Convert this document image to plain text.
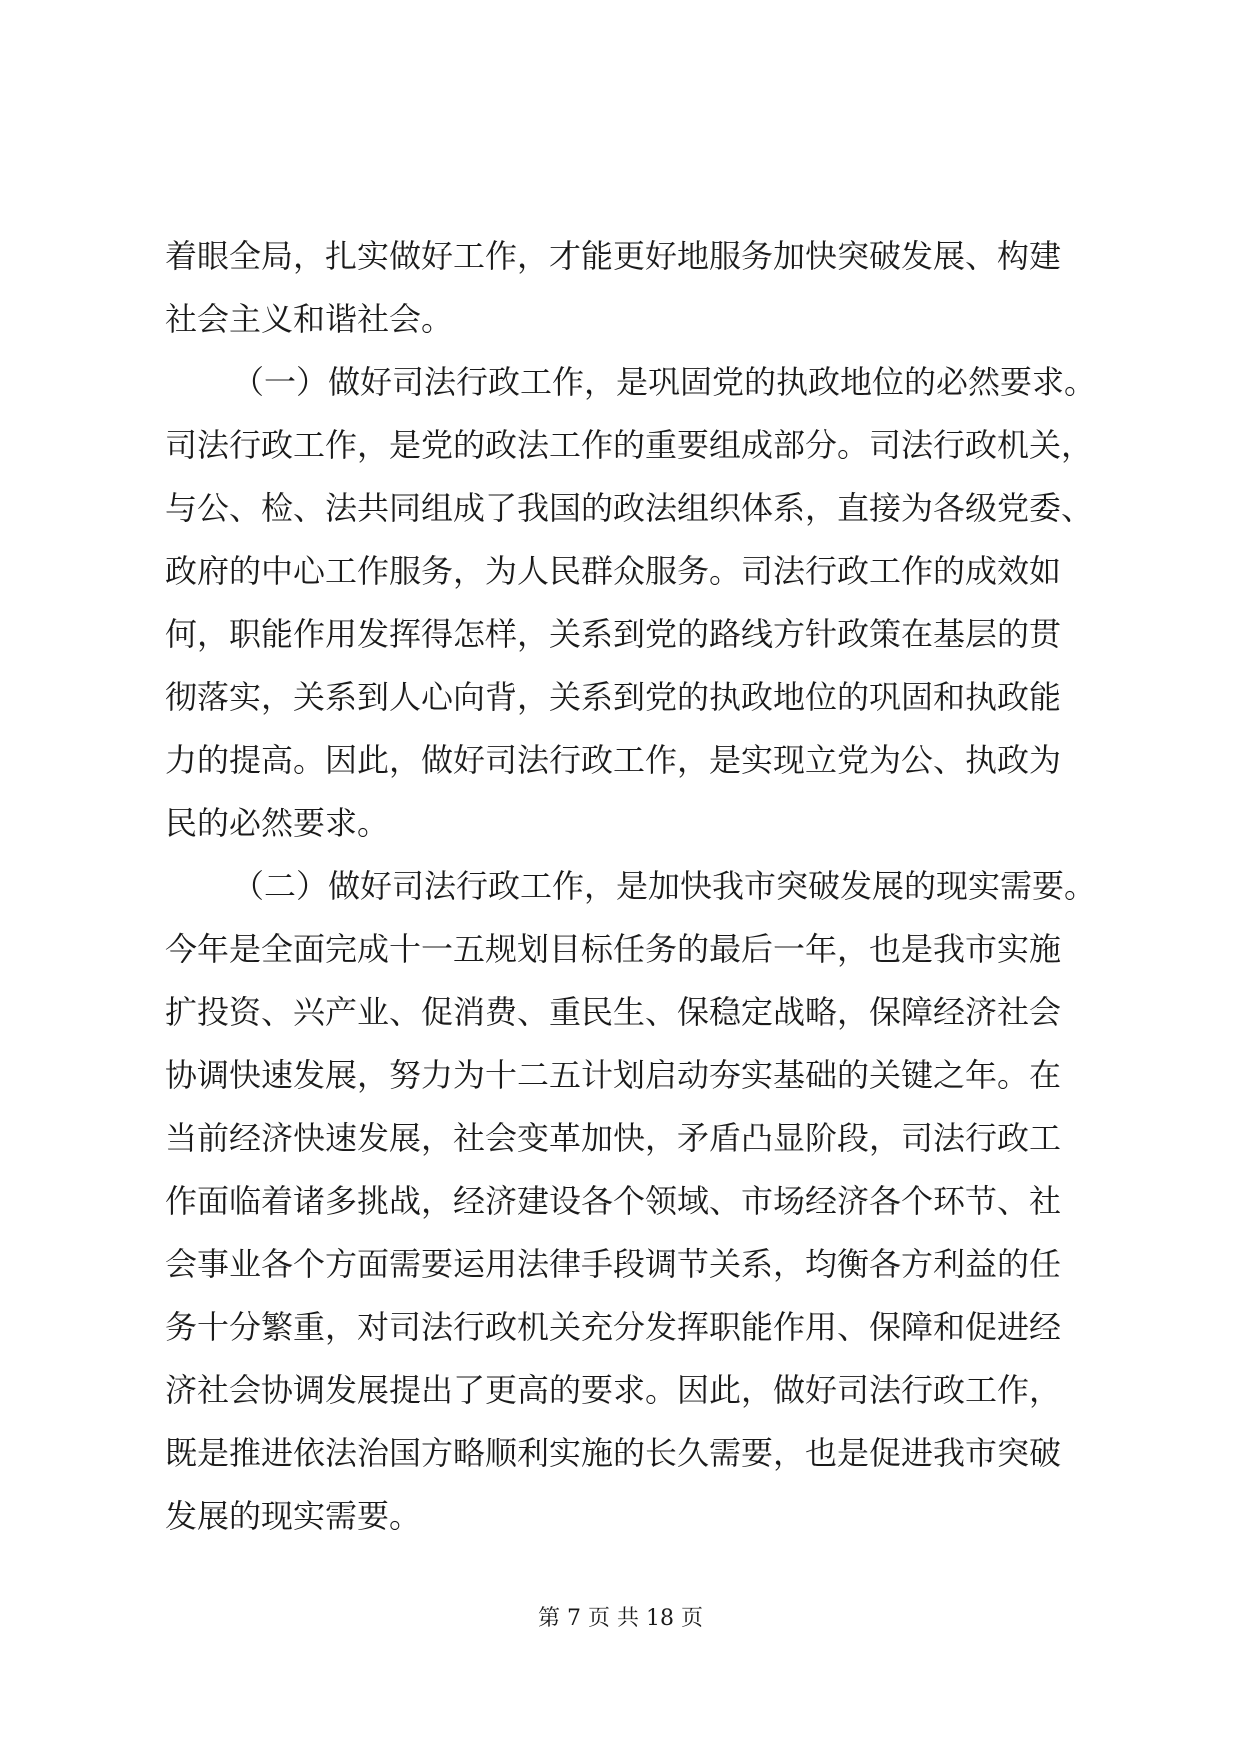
着眼全局，扎实做好工作，才能更好地服务加快突破发展、构建
社会主义和谐社会。
（一）做好司法行政工作，是巩固党的执政地位的必然要求。
司法行政工作，是党的政法工作的重要组成部分。司法行政机关，
与公、检、法共同组成了我国的政法组织体系，直接为各级党委、
政府的中心工作服务，为人民群众服务。司法行政工作的成效如
何，职能作用发挥得怎样，关系到党的路线方针政策在基层的贯
彻落实，关系到人心向背，关系到党的执政地位的巩固和执政能
力的提高。因此，做好司法行政工作，是实现立党为公、执政为
民的必然要求。
（二）做好司法行政工作，是加快我市突破发展的现实需要。
今年是全面完成十一五规划目标任务的最后一年，也是我市实施
扩投资、兴产业、促消费、重民生、保稳定战略，保障经济社会
协调快速发展，努力为十二五计划启动夯实基础的关键之年。在
当前经济快速发展，社会变革加快，矛盾凸显阶段，司法行政工
作面临着诸多挑战，经济建设各个领域、市场经济各个环节、社
会事业各个方面需要运用法律手段调节关系，均衡各方利益的任
务十分繁重，对司法行政机关充分发挥职能作用、保障和促进经
济社会协调发展提出了更高的要求。因此，做好司法行政工作，
既是推进依法治国方略顺利实施的长久需要，也是促进我市突破
发展的现实需要。
第 7 页 共 18 页
